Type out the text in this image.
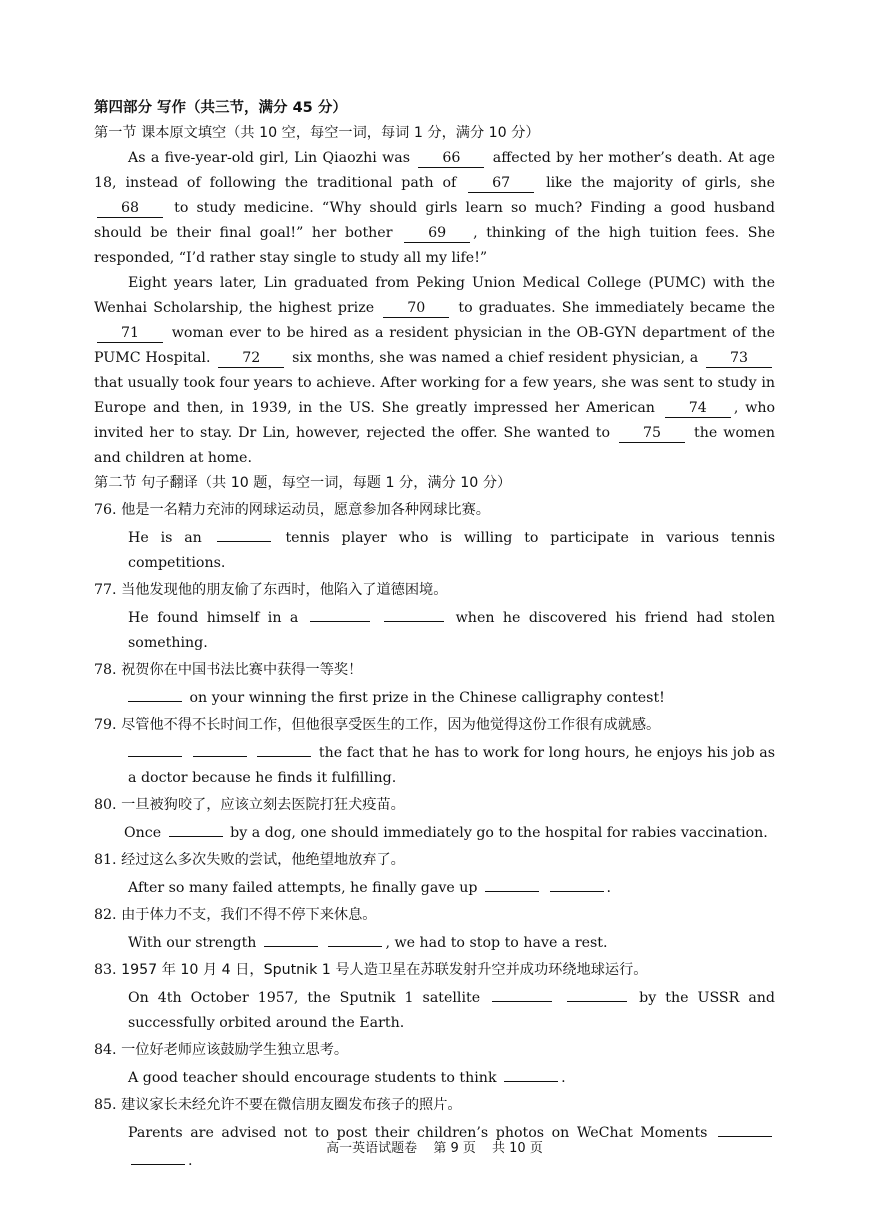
第四部分 写作（共三节，满分 45 分）
第一节 课本原文填空（共 10 空，每空一词，每词 1 分，满分 10 分）

As a five-year-old girl, Lin Qiaozhi was 66 affected by her mother’s death. At age 18, instead of following the traditional path of	67	like the majority of girls, she 68 to study medicine. “Why should girls learn so much? Finding a good husband should be their final goal!” her bother	69 , thinking of the high tuition fees. She responded, “I’d rather stay single to study all my life!”

Eight years later, Lin graduated from Peking Union Medical College (PUMC) with the Wenhai Scholarship, the highest prize 70 to graduates. She immediately became the 71 woman ever to be hired as a resident physician in the OB-GYN department of the PUMC Hospital. 72 six months, she was named a chief resident physician, a 73 that usually took four years to achieve. After working for a few years, she was sent to study in Europe and then, in 1939, in the US. She greatly impressed her American 74 , who invited her to stay. Dr Lin, however, rejected the offer. She wanted to 75 the women and children at home.

第二节 句子翻译（共 10 题，每空一词，每题 1 分，满分 10 分）
76. 他是一名精力充沛的网球运动员，愿意参加各种网球比赛。
He is an	tennis player who is willing to participate in various tennis competitions.
77. 当他发现他的朋友偷了东西时，他陷入了道德困境。
He found himself in a	when he discovered his friend had stolen something.
78. 祝贺你在中国书法比赛中获得一等奖！
on your winning the first prize in the Chinese calligraphy contest!
79. 尽管他不得不长时间工作，但他很享受医生的工作，因为他觉得这份工作很有成就感。
the fact that he has to work for long hours, he enjoys his job as a doctor because he finds it fulfilling.
80. 一旦被狗咬了，应该立刻去医院打狂犬疫苗。
Once	by a dog, one should immediately go to the hospital for rabies vaccination.
81. 经过这么多次失败的尝试，他绝望地放弃了。
After so many failed attempts, he finally gave up	.
82. 由于体力不支，我们不得不停下来休息。
With our strength	, we had to stop to have a rest.
83. 1957 年 10 月 4 日，Sputnik 1 号人造卫星在苏联发射升空并成功环绕地球运行。
On 4th October 1957, the Sputnik 1 satellite	by the USSR and successfully orbited around the Earth.
84. 一位好老师应该鼓励学生独立思考。
A good teacher should encourage students to think	.
85. 建议家长未经允许不要在微信朋友圈发布孩子的照片。
Parents are advised not to post their children’s photos on WeChat Moments  .
高一英语试题卷 第 9 页 共 10 页
